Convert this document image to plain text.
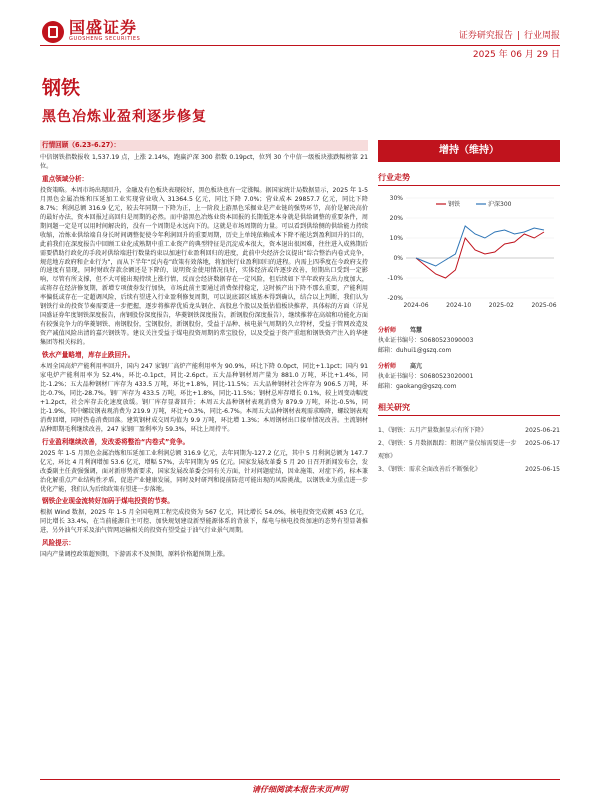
国盛证券
GUOSHENG SECURITIES	证券研究报告 | 行业周报
2025 年 06 月 29 日
钢铁
黑色冶炼业盈利逐步修复
行情回顾（6.23-6.27）：

中信钢铁指数报收 1,537.19 点，上涨 2.14%，跑赢沪深 300 指数 0.19pct，位列 30 个中信一级板块涨跌幅榜第 21 位。

重点领域分析：

投资策略。本周市场出现回升，金融及有色板块表现较好，黑色板块也有一定涨幅。据国家统计局数据显示，2025 年 1-5 月黑色金属冶炼和压延加工业实现营业收入 31364.5 亿元，同比下降 7.0%；营业成本 29857.7 亿元，同比下降 8.7%；利润总额 316.9 亿元，较去年同期一下降为正，上一阶段上游黑色采掘业是产业链的强势环节，高价是解决高价的最好办法，资本回报过高回归是周期的必然。而中游黑色冶炼业资本回报的长期低迷本身就是供给调整的重要条件，周期问题一定是可以用时间解决的，没有一个周期是永远向下的。这就是市场周期的力量。可以看到供给侧的供给能力持续收缩，冶炼业供给端自身长时间调整促使今年利润回升的重要周期，历史上单纯依赖成本下降不能达到盈利回升的目的，此前我们在深度报告中回顾工业化成熟期中重工业资产的典型特征是沉淀成本很大，资本退出很困难，往往进入成熟期后需要借助行政化的手段对供给端进行数量约束以加速行业盈利回归的进度，此前中央经济会议提出“综合整治内卷式竞争，规范地方政府和企业行为”，而从下半年“反内卷”政策有效落地，将加快行业盈利回归的进程。内需上四季度在今政府支持的速度有显现，同时财政存款余额还是下降的，说明资金使用情况良好，实体经济或许逐步改善，短期出口受到一定影响，尽管有所支撑，但不大可能出现持续上涨行情，反而会经济数据存在一定风险，但后续如下半年政府支出力度加大，或将存在经济修复期，新增专项债券发行加快，市场此前主要通过消费保持稳定，这时候产出下降不那么重要，产能利用率偏低或存在一定超调风险，后续有望进入行业盈利修复周期，可以说底部区域基本得到确认，结合以上判断，我们认为钢铁行业的投资节奏需要进一步把握，逐步将推荐优质龙头钢企、高股息个股以及低估值板块推荐，具体标的方面（详见国盛证券年度钢铁深度报告，南钢股份深度报告，华菱钢铁深度报告，新钢股份深度报告），继续推荐在高端和功能化方面有较强竞争力的华菱钢铁、南钢股份，宝钢股份，新钢股份，受益于品种、核电景气周期的久立特材，受益于管网改造及资产减值风险出清的嘉兴钢铁等。建议关注受益于煤电投资周期的常宝股份，以及受益于资产重组和钢铁资产注入的华建集团等相关标的。

铁水产量略增，库存止跌回升。

本周全国高炉产能利用率回升，国内 247 家钢厂高炉产能利用率为 90.9%，环比下降 0.0pct，同比+1.1pct；国内 91 家电炉产能利用率为 52.4%，环比-0.1pct，同比-2.6pct。五大品种钢材周产量为 881.0 万吨，环比+1.4%，同比-1.2%；五大品种钢材厂库存为 433.5 万吨，环比+1.8%，同比-11.5%；五大品种钢材社会库存为 906.5 万吨，环比-0.7%，同比-28.7%。钢厂库存为 433.5 万吨，环比+1.8%，同比-11.5%；钢材总库存增长 0.1%，较上周变动幅度+1.2pct，社会库存去化速度放缓。钢厂库存显著回升；本周五大品种钢材表观消费为 879.9 万吨，环比-0.5%，同比-1.9%，其中螺纹钢表观消费为 219.9 万吨，环比+0.3%，同比-6.7%。本周五大品种钢材表观需求略降，螺纹钢表观消费回增，同时热卷消费回落。建筑钢材成交周均值为 9.9 万吨，环比增 1.3%；本周钢材出口接单情况改善。主流钢材品种即期毛利继续改善，247 家钢厂盈利率为 59.3%，环比上周持平。

行业盈利继续改善，发改委将整治“内卷式”竞争。

2025 年 1-5 月黑色金属冶炼和压延加工业利润总额 316.9 亿元，去年同期为-127.2 亿元，其中 5 月利润总额为 147.7 亿元，环比 4 月利润增加 53.6 亿元，增幅 57%，去年同期为 95 亿元。国家发展改革委 5 月 20 日召开新闻发布会，发改委副主任黄强强调，面对新形势新要求，国家发展改革委会同有关方面，针对问题症结，因业施策、对症下药，标本兼治化解重点产业结构性矛盾，促进产业健康发展，同时及时研判和提前防范可能出现的风险挑战，以钢铁业为重点进一步优化产能，我们认为后续政策有望进一步落地。

钢铁企业现金流转好加码于煤电投资的节奏。

根据 Wind 数据，2025 年 1-5 月全国电网工程完成投资为 567 亿元，同比增长 54.0%，核电投资完成额 453 亿元，同比增长 33.4%，在当前能源自主可控、加快规划建设新型能源体系的背景下，煤电与核电投资加速的态势有望显著推进，另外油气开采及油气管网运输相关的投资有望受益于油气行业景气周期。

风险提示：

国内产量调控政策超预期，下游需求不及预期，原料价格超预期上涨。

增持（维持）
行业走势
30%
20%
10%
0%
-10%
-20%
2024-06	2024-10	2025-02	2025-06
钢铁	沪深300
分析师 笃慧
执业证书编号：S0680523090003
邮箱：duhui1@gszq.com
分析师 高亢
执业证书编号：S0680523020001
邮箱：gaokang@gszq.com
相关研究
1、《钢铁：五月产量数据显示有所下降》	2025-06-21
2、《钢铁：5 月数据跟踪：粗钢产量仅缩需要进一步观察》
2025-06-17
3、《钢铁：需求全面改善后不断强化》	2025-06-15
请仔细阅读本报告末页声明
